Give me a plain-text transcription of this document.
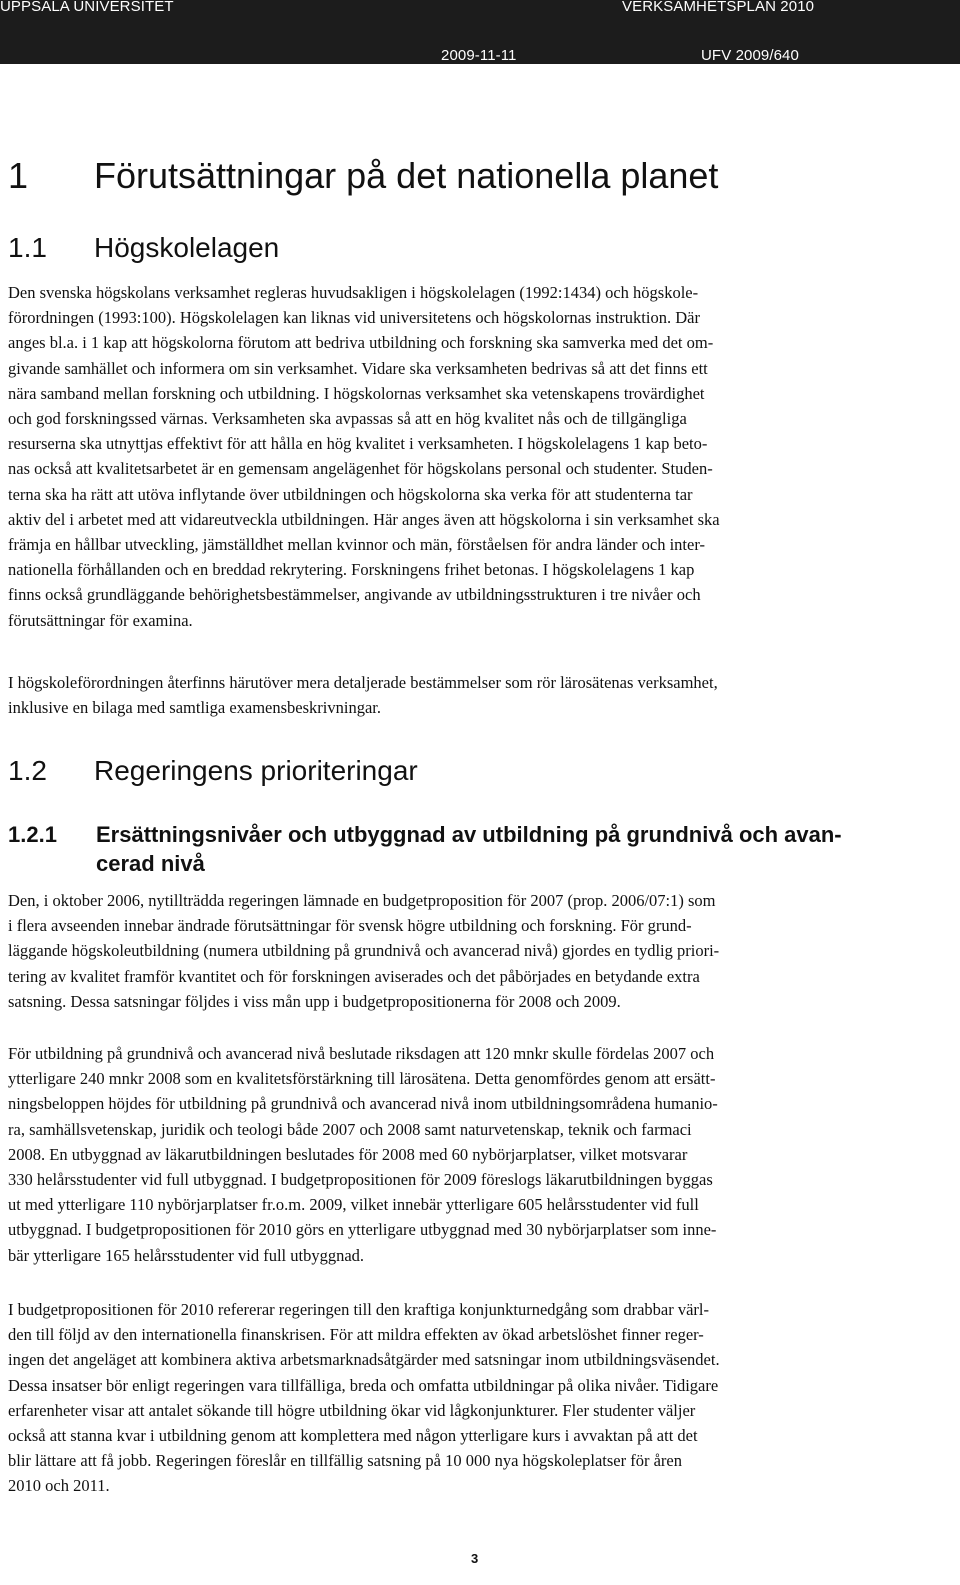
UPPSALA UNIVERSITET	VERKSAMHETSPLAN 2010
2009-11-11	UFV 2009/640
1 Förutsättningar på det nationella planet
1.1 Högskolelagen
Den svenska högskolans verksamhet regleras huvudsakligen i högskolelagen (1992:1434) och högskole-
förordningen (1993:100). Högskolelagen kan liknas vid universitetens och högskolornas instruktion. Där
anges bl.a. i 1 kap att högskolorna förutom att bedriva utbildning och forskning ska samverka med det om-
givande samhället och informera om sin verksamhet. Vidare ska verksamheten bedrivas så att det finns ett
nära samband mellan forskning och utbildning. I högskolornas verksamhet ska vetenskapens trovärdighet
och god forskningssed värnas. Verksamheten ska avpassas så att en hög kvalitet nås och de tillgängliga
resurserna ska utnyttjas effektivt för att hålla en hög kvalitet i verksamheten. I högskolelagens 1 kap beto-
nas också att kvalitetsarbetet är en gemensam angelägenhet för högskolans personal och studenter. Studen-
terna ska ha rätt att utöva inflytande över utbildningen och högskolorna ska verka för att studenterna tar
aktiv del i arbetet med att vidareutveckla utbildningen. Här anges även att högskolorna i sin verksamhet ska
främja en hållbar utveckling, jämställdhet mellan kvinnor och män, förståelsen för andra länder och inter-
nationella förhållanden och en breddad rekrytering. Forskningens frihet betonas. I högskolelagens 1 kap
finns också grundläggande behörighetsbestämmelser, angivande av utbildningsstrukturen i tre nivåer och
förutsättningar för examina.
I högskoleförordningen återfinns härutöver mera detaljerade bestämmelser som rör lärosätenas verksamhet,
inklusive en bilaga med samtliga examensbeskrivningar.
1.2 Regeringens prioriteringar
1.2.1 Ersättningsnivåer och utbyggnad av utbildning på grundnivå och avan-
cerad nivå
Den, i oktober 2006, nytillträdda regeringen lämnade en budgetproposition för 2007 (prop. 2006/07:1) som
i flera avseenden innebar ändrade förutsättningar för svensk högre utbildning och forskning. För grund-
läggande högskoleutbildning (numera utbildning på grundnivå och avancerad nivå) gjordes en tydlig priori-
tering av kvalitet framför kvantitet och för forskningen aviserades och det påbörjades en betydande extra
satsning. Dessa satsningar följdes i viss mån upp i budgetpropositionerna för 2008 och 2009.
För utbildning på grundnivå och avancerad nivå beslutade riksdagen att 120 mnkr skulle fördelas 2007 och
ytterligare 240 mnkr 2008 som en kvalitetsförstärkning till lärosätena. Detta genomfördes genom att ersätt-
ningsbeloppen höjdes för utbildning på grundnivå och avancerad nivå inom utbildningsområdena humanio-
ra, samhällsvetenskap, juridik och teologi både 2007 och 2008 samt naturvetenskap, teknik och farmaci
2008. En utbyggnad av läkarutbildningen beslutades för 2008 med 60 nybörjarplatser, vilket motsvarar
330 helårsstudenter vid full utbyggnad. I budgetpropositionen för 2009 föreslogs läkarutbildningen byggas
ut med ytterligare 110 nybörjarplatser fr.o.m. 2009, vilket innebär ytterligare 605 helårsstudenter vid full
utbyggnad. I budgetpropositionen för 2010 görs en ytterligare utbyggnad med 30 nybörjarplatser som inne-
bär ytterligare 165 helårsstudenter vid full utbyggnad.
I budgetpropositionen för 2010 refererar regeringen till den kraftiga konjunkturnedgång som drabbar värl-
den till följd av den internationella finanskrisen. För att mildra effekten av ökad arbetslöshet finner reger-
ingen det angeläget att kombinera aktiva arbetsmarknadsåtgärder med satsningar inom utbildningsväsendet.
Dessa insatser bör enligt regeringen vara tillfälliga, breda och omfatta utbildningar på olika nivåer. Tidigare
erfarenheter visar att antalet sökande till högre utbildning ökar vid lågkonjunkturer. Fler studenter väljer
också att stanna kvar i utbildning genom att komplettera med någon ytterligare kurs i avvaktan på att det
blir lättare att få jobb. Regeringen föreslår en tillfällig satsning på 10 000 nya högskoleplatser för åren
2010 och 2011.
3
